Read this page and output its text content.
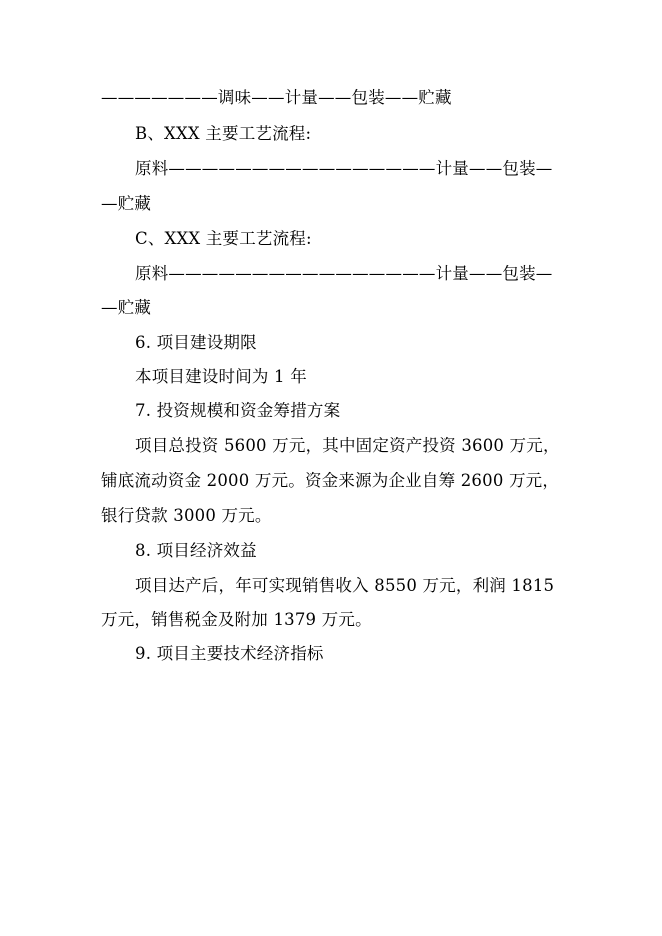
———————调味——计量——包装——贮藏
B、XXX 主要工艺流程:
原料————————————————计量——包装—
—贮藏
C、XXX 主要工艺流程:
原料————————————————计量——包装—
—贮藏
6. 项目建设期限
本项目建设时间为 1 年
7. 投资规模和资金筹措方案
项目总投资 5600 万元，其中固定资产投资 3600 万元，
铺底流动资金 2000 万元。资金来源为企业自筹 2600 万元，
银行贷款 3000 万元。
8. 项目经济效益
项目达产后，年可实现销售收入 8550 万元，利润 1815
万元，销售税金及附加 1379 万元。
9. 项目主要技术经济指标
